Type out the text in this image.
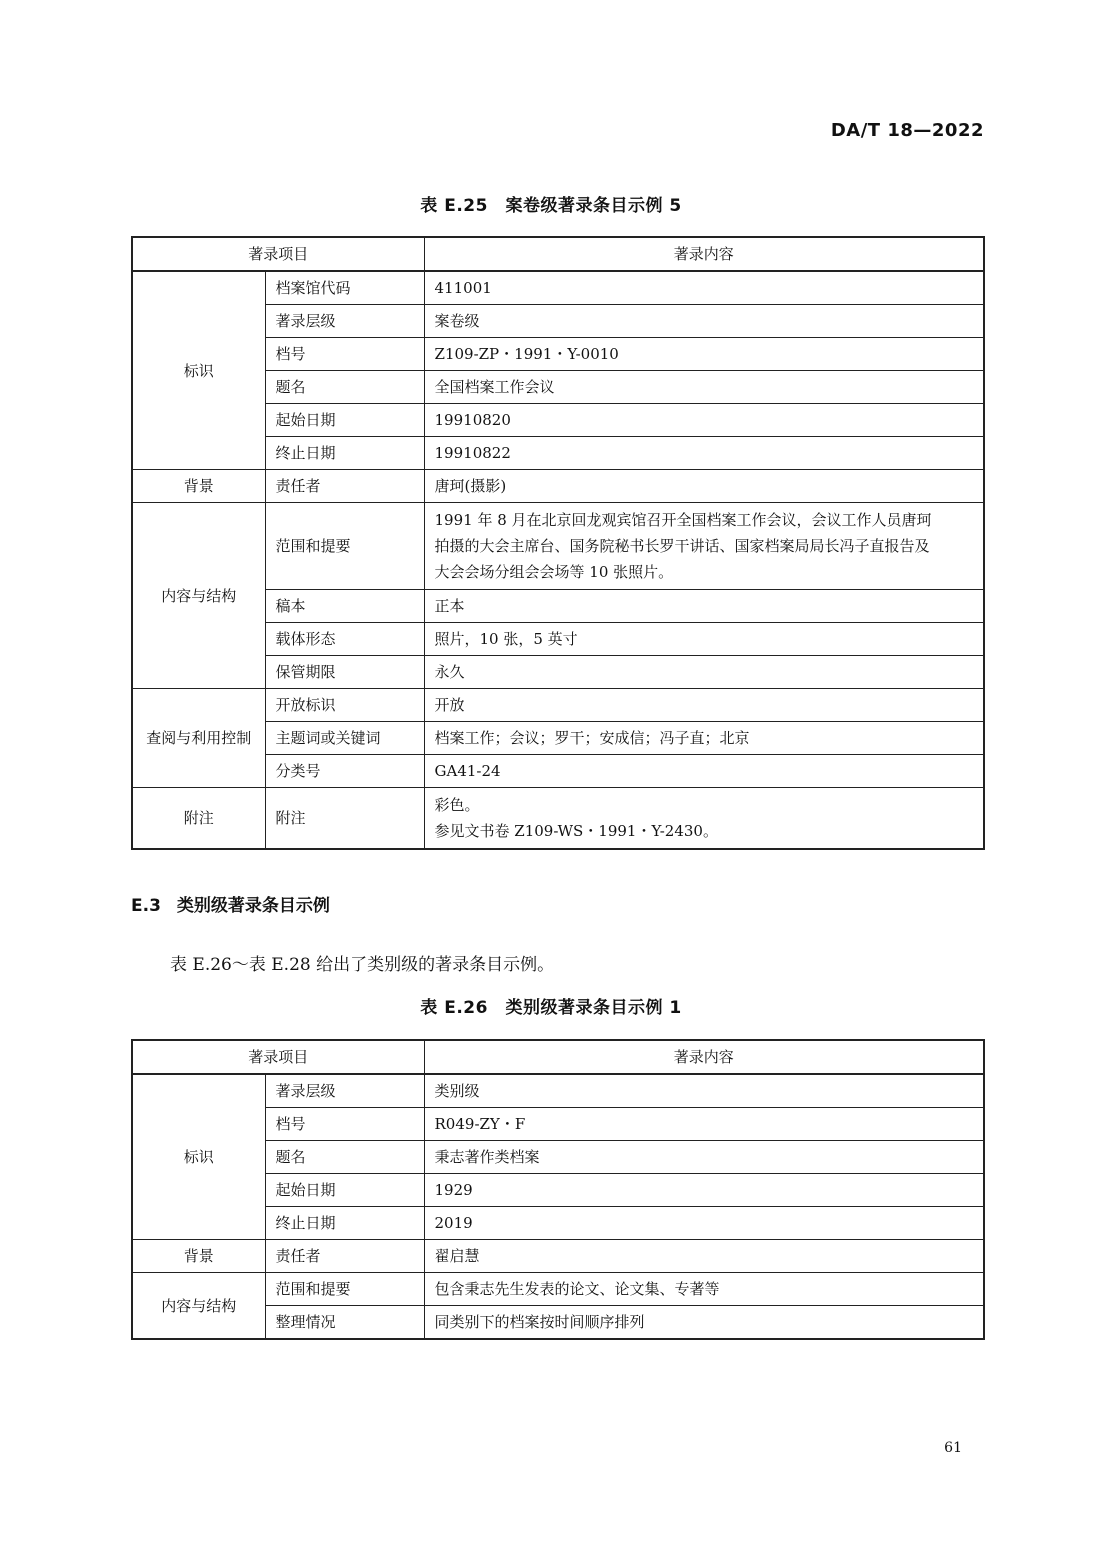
DA/T 18—2022
表 E.25　案卷级著录条目示例 5
著录项目		著录内容
标识	档案馆代码	411001

	著录层级	案卷级

	档号	Z109-ZP・1991・Y-0010

	题名	全国档案工作会议

	起始日期	19910820

	终止日期	19910822

背景	责任者	唐珂(摄影)

内容与结构	范围和提要	1991 年 8 月在北京回龙观宾馆召开全国档案工作会议，会议工作人员唐珂
拍摄的大会主席台、国务院秘书长罗干讲话、国家档案局局长冯子直报告及
大会会场分组会会场等 10 张照片。

	稿本	正本

	载体形态	照片，10 张，5 英寸

	保管期限	永久

查阅与利用控制	开放标识	开放

	主题词或关键词	档案工作；会议；罗干；安成信；冯子直；北京

	分类号	GA41-24

附注	附注	彩色。
参见文书卷 Z109-WS・1991・Y-2430。
E.3 类别级著录条目示例
表 E.26～表 E.28 给出了类别级的著录条目示例。
表 E.26　类别级著录条目示例 1
著录项目		著录内容
标识	著录层级	类别级

	档号	R049-ZY・F

	题名	秉志著作类档案

	起始日期	1929

	终止日期	2019

背景	责任者	翟启慧

内容与结构	范围和提要	包含秉志先生发表的论文、论文集、专著等

	整理情况	同类别下的档案按时间顺序排列
61
